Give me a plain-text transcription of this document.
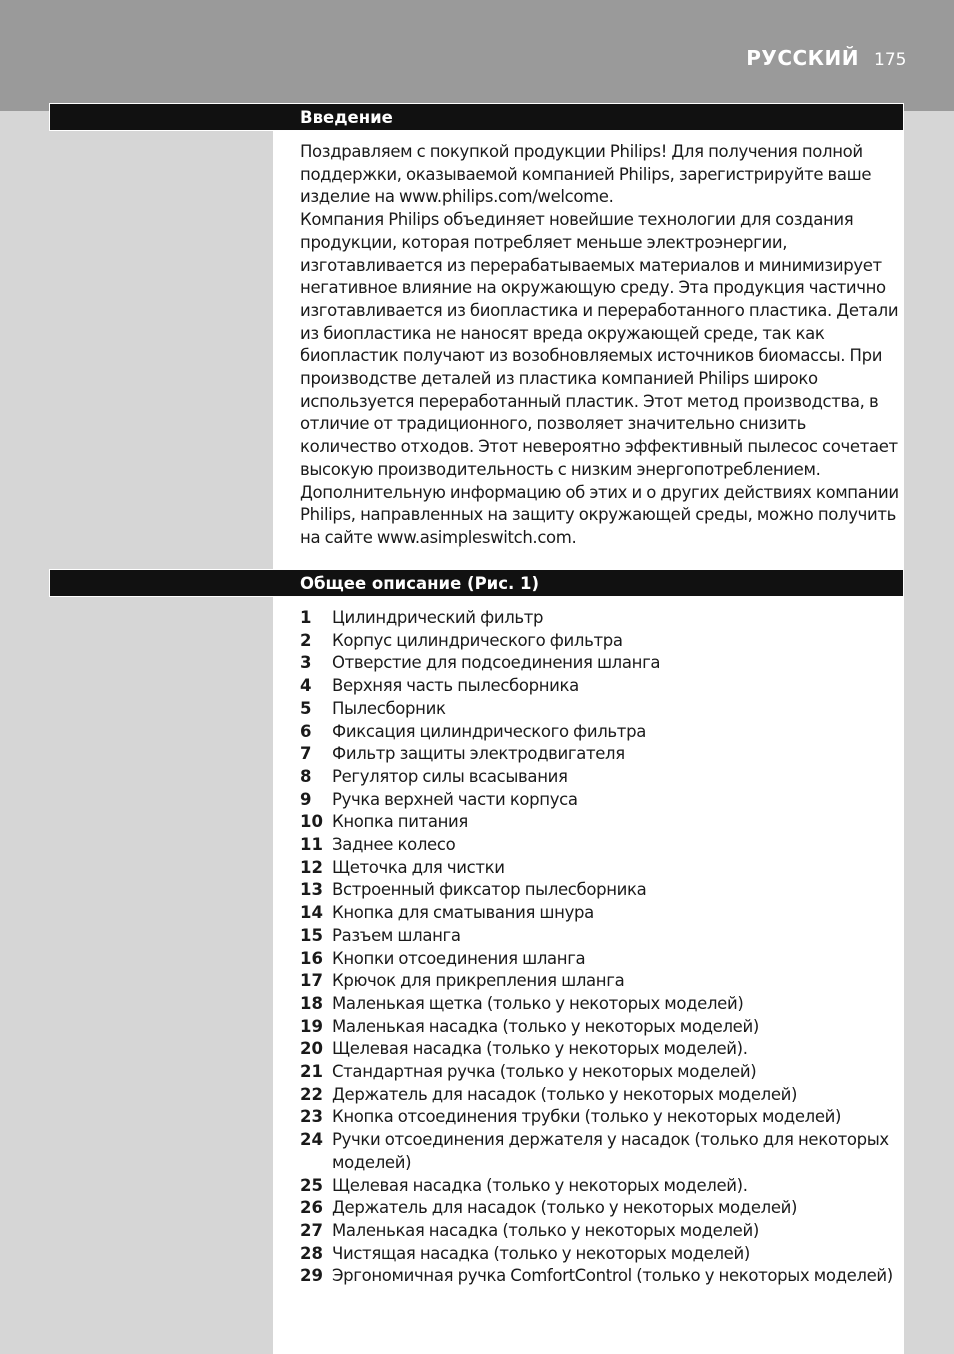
РУССКИЙ 175
Введение

Поздравляем с покупкой продукции Philips! Для получения полной поддержки, оказываемой компанией Philips, зарегистрируйте ваше изделие на www.philips.com/welcome.

Компания Philips объединяет новейшие технологии для создания продукции, которая потребляет меньше электроэнергии, изготавливается из перерабатываемых материалов и минимизирует негативное влияние на окружающую среду. Эта продукция частично изготавливается из биопластика и переработанного пластика. Детали из биопластика не наносят вреда окружающей среде, так как биопластик получают из возобновляемых источников биомассы. При производстве деталей из пластика компанией Philips широко используется переработанный пластик. Этот метод производства, в отличие от традиционного, позволяет значительно снизить количество отходов. Этот невероятно эффективный пылесос сочетает высокую производительность с низким энергопотреблением. Дополнительную информацию об этих и о других действиях компании Philips, направленных на защиту окружающей среды, можно получить на сайте www.asimpleswitch.com.

Общее описание (Рис. 1)
1	Цилиндрический фильтр
2	Корпус цилиндрического фильтра
3	Отверстие для подсоединения шланга
4	Верхняя часть пылесборника
5	Пылесборник
6	Фиксация цилиндрического фильтра
7	Фильтр защиты электродвигателя
8	Регулятор силы всасывания
9	Ручка верхней части корпуса
10 Кнопка питания
11 Заднее колесо
12 Щеточка для чистки
13 Встроенный фиксатор пылесборника
14 Кнопка для сматывания шнура
15 Разъем шланга
16 Кнопки отсоединения шланга
17 Крючок для прикрепления шланга
18 Маленькая щетка (только у некоторых моделей)
19 Маленькая насадка (только у некоторых моделей)
20 Щелевая насадка (только у некоторых моделей).
21 Стандартная ручка (только у некоторых моделей)
22 Держатель для насадок (только у некоторых моделей)
23 Кнопка отсоединения трубки (только у некоторых моделей)
24 Ручки отсоединения держателя у насадок (только для некоторых моделей)
25 Щелевая насадка (только у некоторых моделей).
26 Держатель для насадок (только у некоторых моделей)
27 Маленькая насадка (только у некоторых моделей)
28 Чистящая насадка (только у некоторых моделей)
29 Эргономичная ручка ComfortControl (только у некоторых моделей)
